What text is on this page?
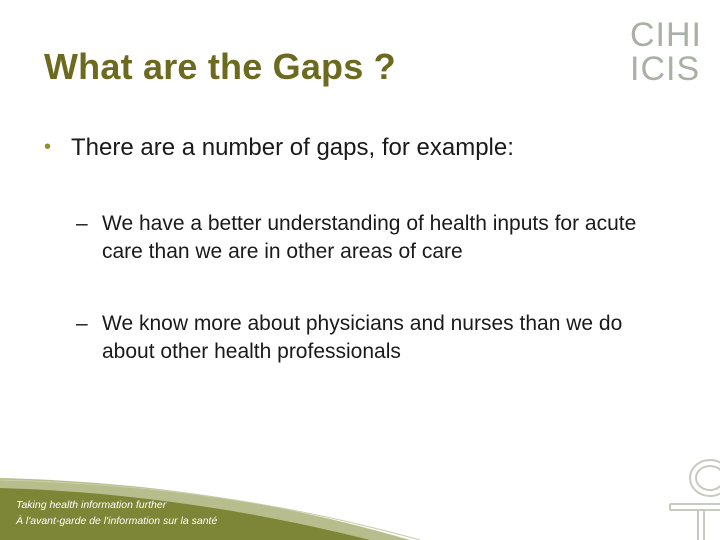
What are the Gaps ?
CIHI
ICIS
• There are a number of gaps, for example:
– We have a better understanding of health inputs for acute care than we are in other areas of care
– We know more about physicians and nurses than we do about other health professionals
Taking health information further
À l'avant-garde de l'information sur la santé
